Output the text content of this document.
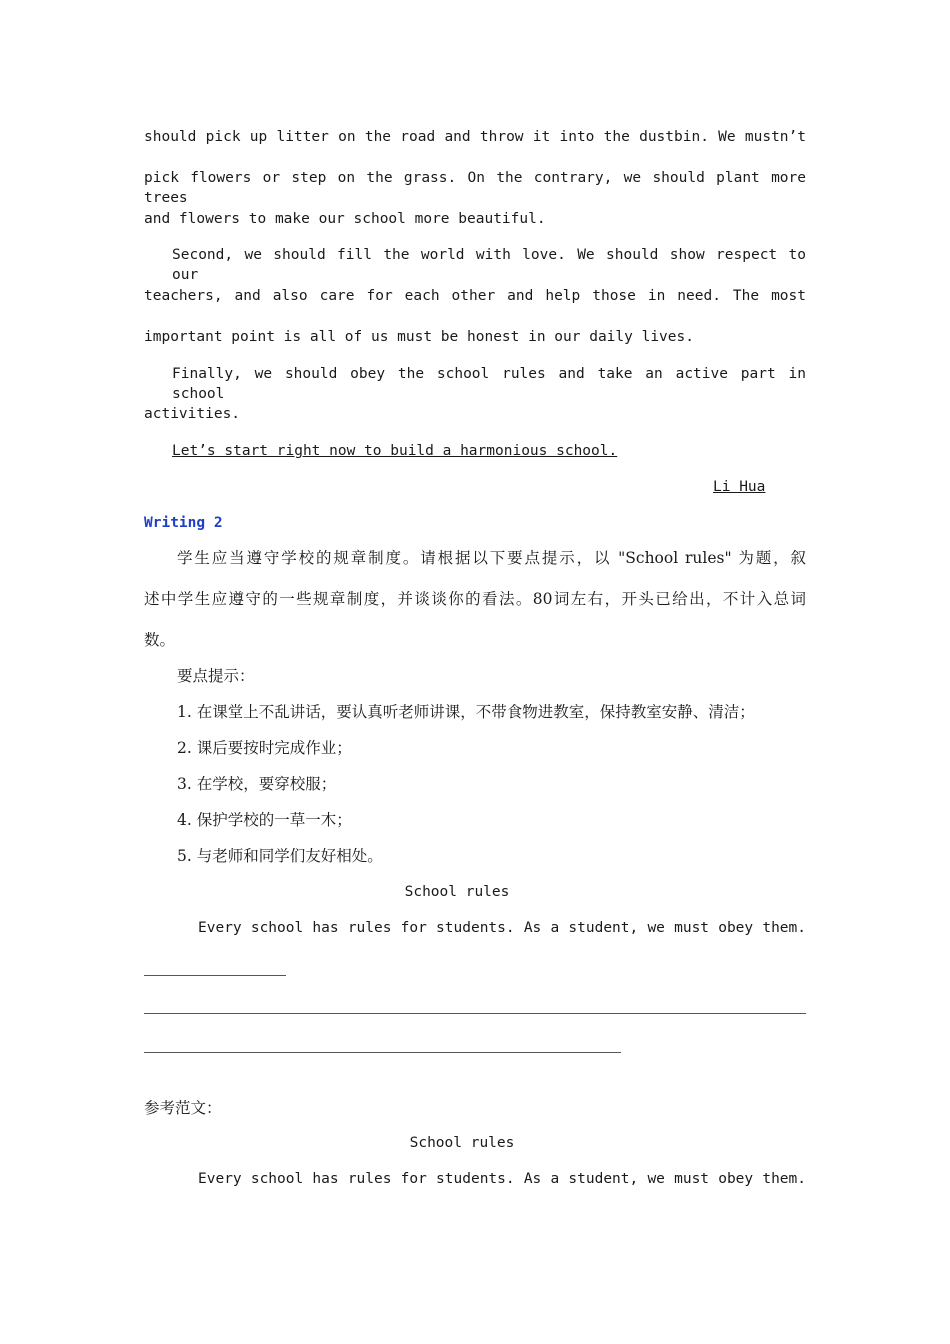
should pick up litter on the road and throw it into the dustbin. We mustn’t
pick flowers or step on the grass. On the contrary, we should plant more trees
and flowers to make our school more beautiful.
Second, we should fill the world with love. We should show respect to our
teachers, and also care for each other and help those in need. The most
important point is all of us must be honest in our daily lives.
Finally, we should obey the school rules and take an active part in school
activities.
Let’s start right now to build a harmonious school.
Li Hua
Writing 2
学生应当遵守学校的规章制度。请根据以下要点提示，以 "School rules" 为题，叙
述中学生应遵守的一些规章制度，并谈谈你的看法。80词左右，开头已给出，不计入总词
数。
要点提示：
1. 在课堂上不乱讲话，要认真听老师讲课，不带食物进教室，保持教室安静、清洁；
2. 课后要按时完成作业；
3. 在学校，要穿校服；
4. 保护学校的一草一木；
5. 与老师和同学们友好相处。
School rules
Every school has rules for students. As a student, we must obey them.
参考范文：
School rules
Every school has rules for students. As a student, we must obey them.
